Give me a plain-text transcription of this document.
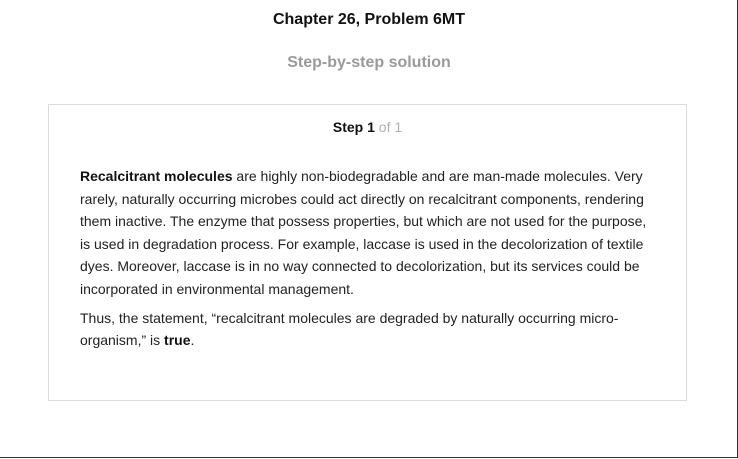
Chapter 26, Problem 6MT
Step-by-step solution
Step 1 of 1

Recalcitrant molecules are highly non-biodegradable and are man-made molecules. Very rarely, naturally occurring microbes could act directly on recalcitrant components, rendering them inactive. The enzyme that possess properties, but which are not used for the purpose, is used in degradation process. For example, laccase is used in the decolorization of textile dyes. Moreover, laccase is in no way connected to decolorization, but its services could be incorporated in environmental management.

Thus, the statement, “recalcitrant molecules are degraded by naturally occurring micro-organism,” is true.
